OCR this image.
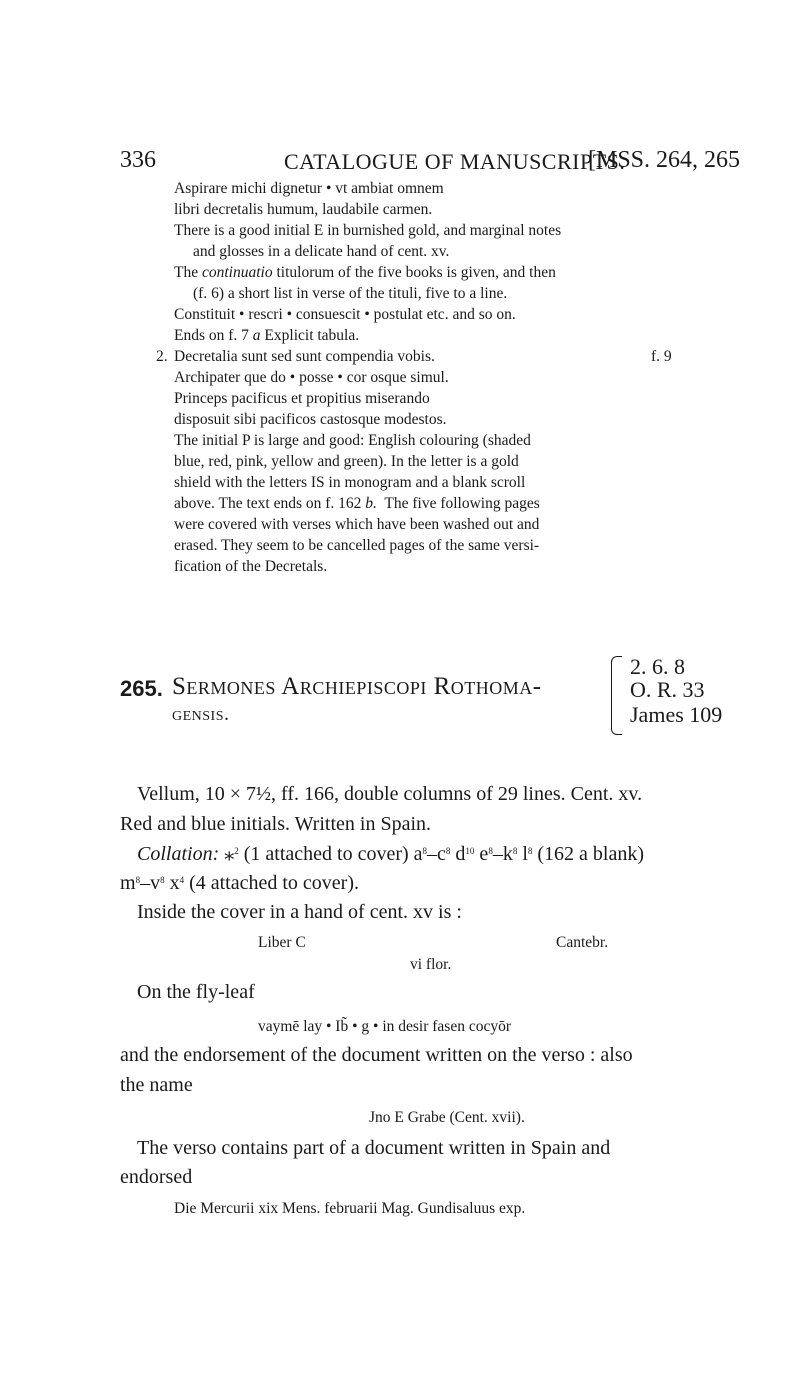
336	CATALOGUE OF MANUSCRIPTS.
[MSS. 264, 265
Aspirare michi dignetur • vt ambiat omnem
libri decretalis humum, laudabile carmen.
There is a good initial E in burnished gold, and marginal notes
and glosses in a delicate hand of cent. xv.
The continuatio titulorum of the five books is given, and then
(f. 6) a short list in verse of the tituli, five to a line.
Constituit • rescri • consuescit • postulat etc. and so on.
Ends on f. 7 a Explicit tabula.
2. Decretalia sunt sed sunt compendia vobis.	f. 9
Archipater que do • posse • cor osque simul.
Princeps pacificus et propitius miserando
disposuit sibi pacificos castosque modestos.
The initial P is large and good: English colouring (shaded
blue, red, pink, yellow and green). In the letter is a gold
shield with the letters IS in monogram and a blank scroll
above. The text ends on f. 162 b. The five following pages
were covered with verses which have been washed out and
erased. They seem to be cancelled pages of the same versi-
fication of the Decretals.
265. Sermones Archiepiscopi Rothoma-
gensis.
2. 6. 8
O. R. 33
James 109
Vellum, 10 × 7½, ff. 166, double columns of 29 lines. Cent. xv.
Red and blue initials. Written in Spain.
Collation: ⁎$^2$ (1 attached to cover) $a^8-c^8$ $d^{10}$ $e^8-k^8$ $l^8$ (162 a blank)
$m^8-v^8$ $x^4$ (4 attached to cover).
Inside the cover in a hand of cent. xv is :
Liber C	Cantebr.
vi flor.
On the fly-leaf
vaymē lay • Ib̃ • g • in desir fasen cocyōr
and the endorsement of the document written on the verso : also
the name
Jno E Grabe (Cent. xvii).
The verso contains part of a document written in Spain and
endorsed
Die Mercurii xix Mens. februarii Mag. Gundisaluus exp.
